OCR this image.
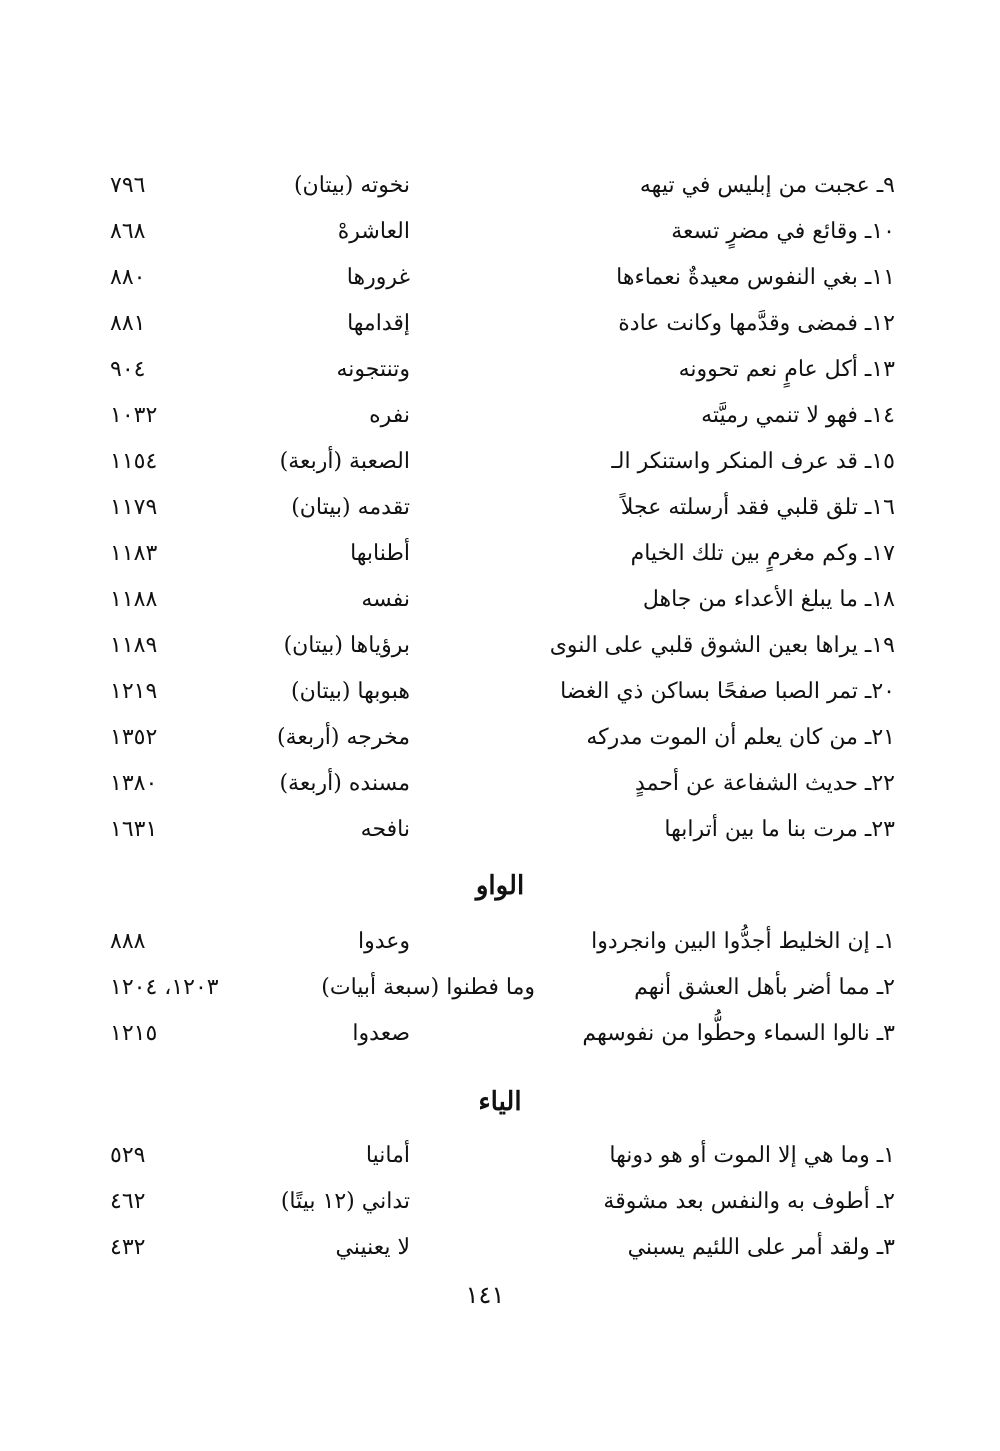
٩ـ عجبت من إبليس في تيهه
نخوته (بيتان)
٧٩٦
١٠ـ وقائع في مضرٍ تسعة
العاشرهْ
٨٦٨
١١ـ بغي النفوس معيدةٌ نعماءها
غرورها
٨٨٠
١٢ـ فمضى وقدَّمها وكانت عادة
إقدامها
٨٨١
١٣ـ أكل عامٍ نعم تحوونه
وتنتجونه
٩٠٤
١٤ـ فهو لا تنمي رميَّته
نفره
١٠٣٢
١٥ـ قد عرف المنكر واستنكر الـ
الصعبة (أربعة)
١١٥٤
١٦ـ تلق قلبي فقد أرسلته عجلاً
تقدمه (بيتان)
١١٧٩
١٧ـ وكم مغرمٍ بين تلك الخيام
أطنابها
١١٨٣
١٨ـ ما يبلغ الأعداء من جاهل
نفسه
١١٨٨
١٩ـ يراها بعين الشوق قلبي على النوى
برؤياها (بيتان)
١١٨٩
٢٠ـ تمر الصبا صفحًا بساكن ذي الغضا
هبوبها (بيتان)
١٢١٩
٢١ـ من كان يعلم أن الموت مدركه
مخرجه (أربعة)
١٣٥٢
٢٢ـ حديث الشفاعة عن أحمدٍ
مسنده (أربعة)
١٣٨٠
٢٣ـ مرت بنا ما بين أترابها
نافحه
١٦٣١
الواو
١ـ إن الخليط أجدُّوا البين وانجردوا
وعدوا
٨٨٨
٢ـ مما أضر بأهل العشق أنهم
وما فطنوا (سبعة أبيات)
١٢٠٣، ١٢٠٤
٣ـ نالوا السماء وحطُّوا من نفوسهم
صعدوا
١٢١٥
الياء
١ـ وما هي إلا الموت أو هو دونها
أمانيا
٥٢٩
٢ـ أطوف به والنفس بعد مشوقة
تداني (١٢ بيتًا)
٤٦٢
٣ـ ولقد أمر على اللئيم يسبني
لا يعنيني
٤٣٢
١٤١
